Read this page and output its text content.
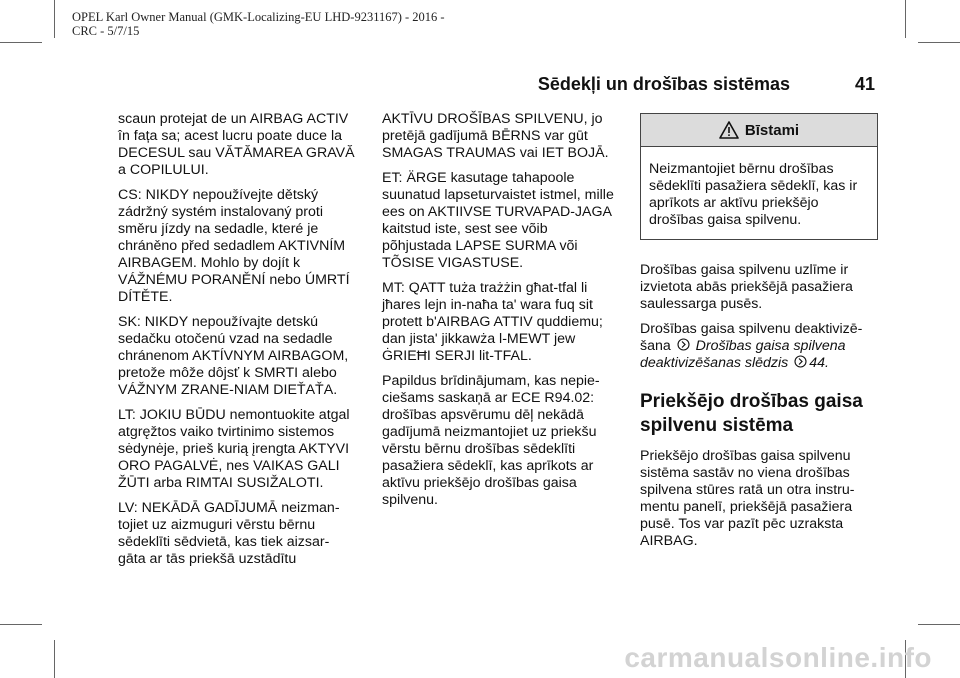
OPEL Karl Owner Manual (GMK-Localizing-EU LHD-9231167) - 2016 -
CRC - 5/7/15
Sēdekļi un drošības sistēmas	41

scaun protejat de un AIRBAG ACTIV în fața sa; acest lucru poate duce la DECESUL sau VĂTĂMAREA GRAVĂ a COPILULUI.

CS: NIKDY nepoužívejte dětský zádržný systém instalovaný proti směru jízdy na sedadle, které je chráněno před sedadlem AKTIVNÍM AIRBAGEM. Mohlo by dojít k VÁŽNÉMU PORANĚNÍ nebo ÚMRTÍ DÍTĚTE.

SK: NIKDY nepoužívajte detskú sedačku otočenú vzad na sedadle chránenom AKTÍVNYM AIRBAGOM, pretože môže dôjsť k SMRTI alebo VÁŽNYM ZRANE-NIAM DIEŤAŤA.

LT: JOKIU BŪDU nemontuokite atgal atgręžtos vaiko tvirtinimo sistemos sėdynėje, prieš kurią įrengta AKTYVI ORO PAGALVĖ, nes VAIKAS GALI ŽŪTI arba RIMTAI SUSIŽALOTI.

LV: NEKĀDĀ GADĪJUMĀ neizman-tojiet uz aizmuguri vērstu bērnu sēdeklīti sēdvietā, kas tiek aizsar-gāta ar tās priekšā uzstādītu

AKTĪVU DROŠĪBAS SPILVENU, jo pretējā gadījumā BĒRNS var gūt SMAGAS TRAUMAS vai IET BOJĀ.

ET: ÄRGE kasutage tahapoole suunatud lapseturvaistet istmel, mille ees on AKTIIVSE TURVAPAD-JAGA kaitstud iste, sest see võib põhjustada LAPSE SURMA või TÕSISE VIGASTUSE.

MT: QATT tuża trażżin għat-tfal li jħares lejn in-naħa ta' wara fuq sit protett b'AIRBAG ATTIV quddiemu; dan jista' jikkawża l-MEWT jew ĠRIEĦI SERJI lit-TFAL.

Papildus brīdinājumam, kas nepie-ciešams saskaņā ar ECE R94.02: drošības apsvērumu dēļ nekādā gadījumā neizmantojiet uz priekšu vērstu bērnu drošības sēdeklīti pasažiera sēdeklī, kas aprīkots ar aktīvu priekšējo drošības gaisa spilvenu.

Bīstami
Neizmantojiet bērnu drošības sēdeklīti pasažiera sēdeklī, kas ir aprīkots ar aktīvu priekšējo drošības gaisa spilvenu.

Drošības gaisa spilvenu uzlīme ir izvietota abās priekšējā pasažiera saulessarga pusēs.

Drošības gaisa spilvenu deaktivizē-šana Drošības gaisa spilvena deaktivizēšanas slēdzis 44.

Priekšējo drošības gaisa spilvenu sistēma

Priekšējo drošības gaisa spilvenu sistēma sastāv no viena drošības spilvena stūres ratā un otra instru-mentu panelī, priekšējā pasažiera pusē. Tos var pazīt pēc uzraksta AIRBAG.

carmanualsonline.info
